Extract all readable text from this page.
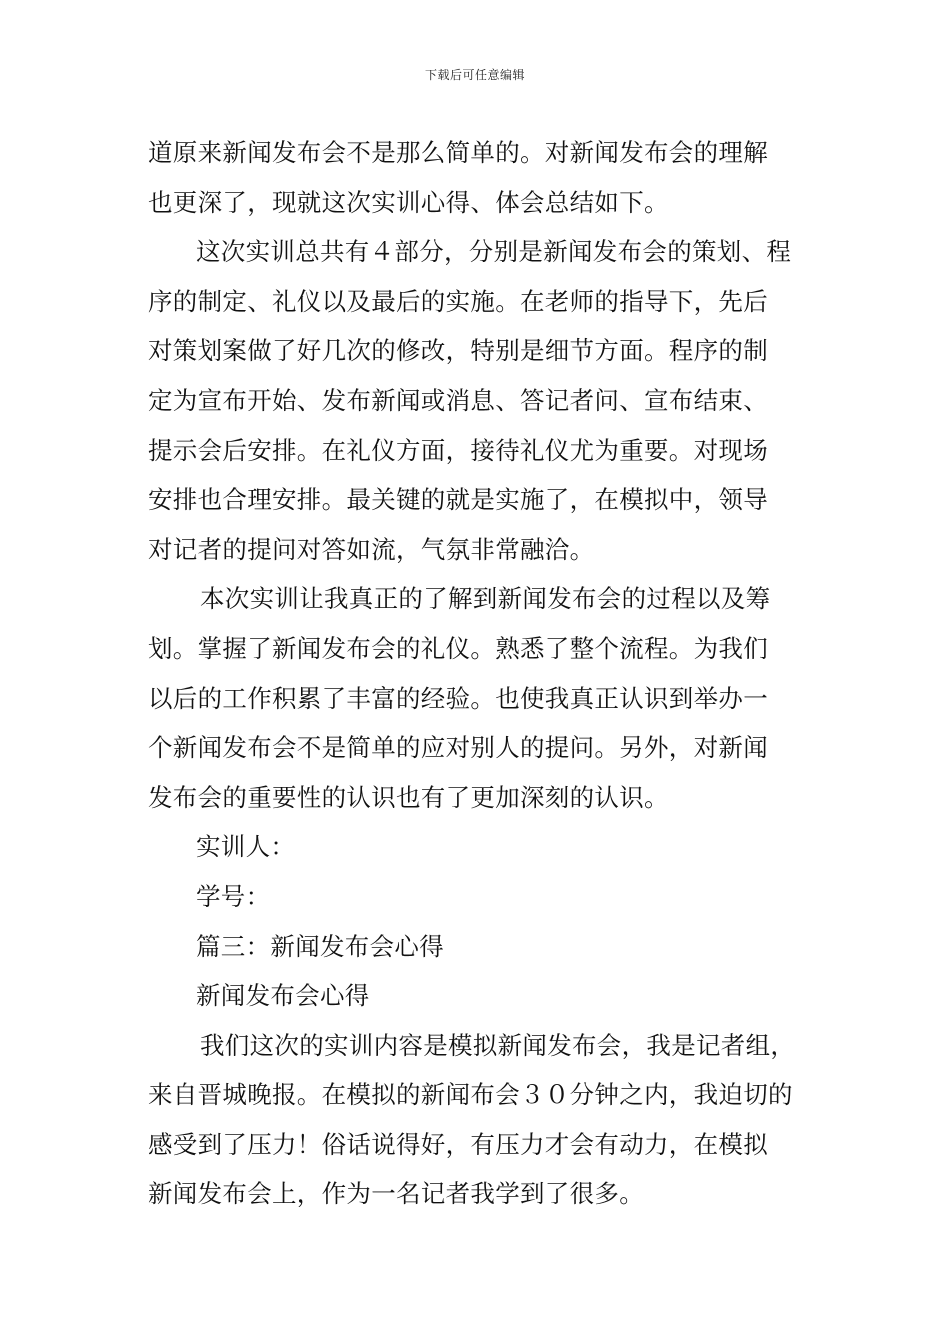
下载后可任意编辑
道原来新闻发布会不是那么简单的。对新闻发布会的理解
也更深了，现就这次实训心得、体会总结如下。
这次实训总共有４部分，分别是新闻发布会的策划、程
序的制定、礼仪以及最后的实施。在老师的指导下，先后
对策划案做了好几次的修改，特别是细节方面。程序的制
定为宣布开始、发布新闻或消息、答记者问、宣布结束、
提示会后安排。在礼仪方面，接待礼仪尤为重要。对现场
安排也合理安排。最关键的就是实施了，在模拟中，领导
对记者的提问对答如流，气氛非常融洽。
本次实训让我真正的了解到新闻发布会的过程以及筹
划。掌握了新闻发布会的礼仪。熟悉了整个流程。为我们
以后的工作积累了丰富的经验。也使我真正认识到举办一
个新闻发布会不是简单的应对别人的提问。另外，对新闻
发布会的重要性的认识也有了更加深刻的认识。
实训人：
学号：
篇三：新闻发布会心得
新闻发布会心得
我们这次的实训内容是模拟新闻发布会，我是记者组，
来自晋城晚报。在模拟的新闻布会３０分钟之内，我迫切的
感受到了压力！俗话说得好，有压力才会有动力，在模拟
新闻发布会上，作为一名记者我学到了很多。
